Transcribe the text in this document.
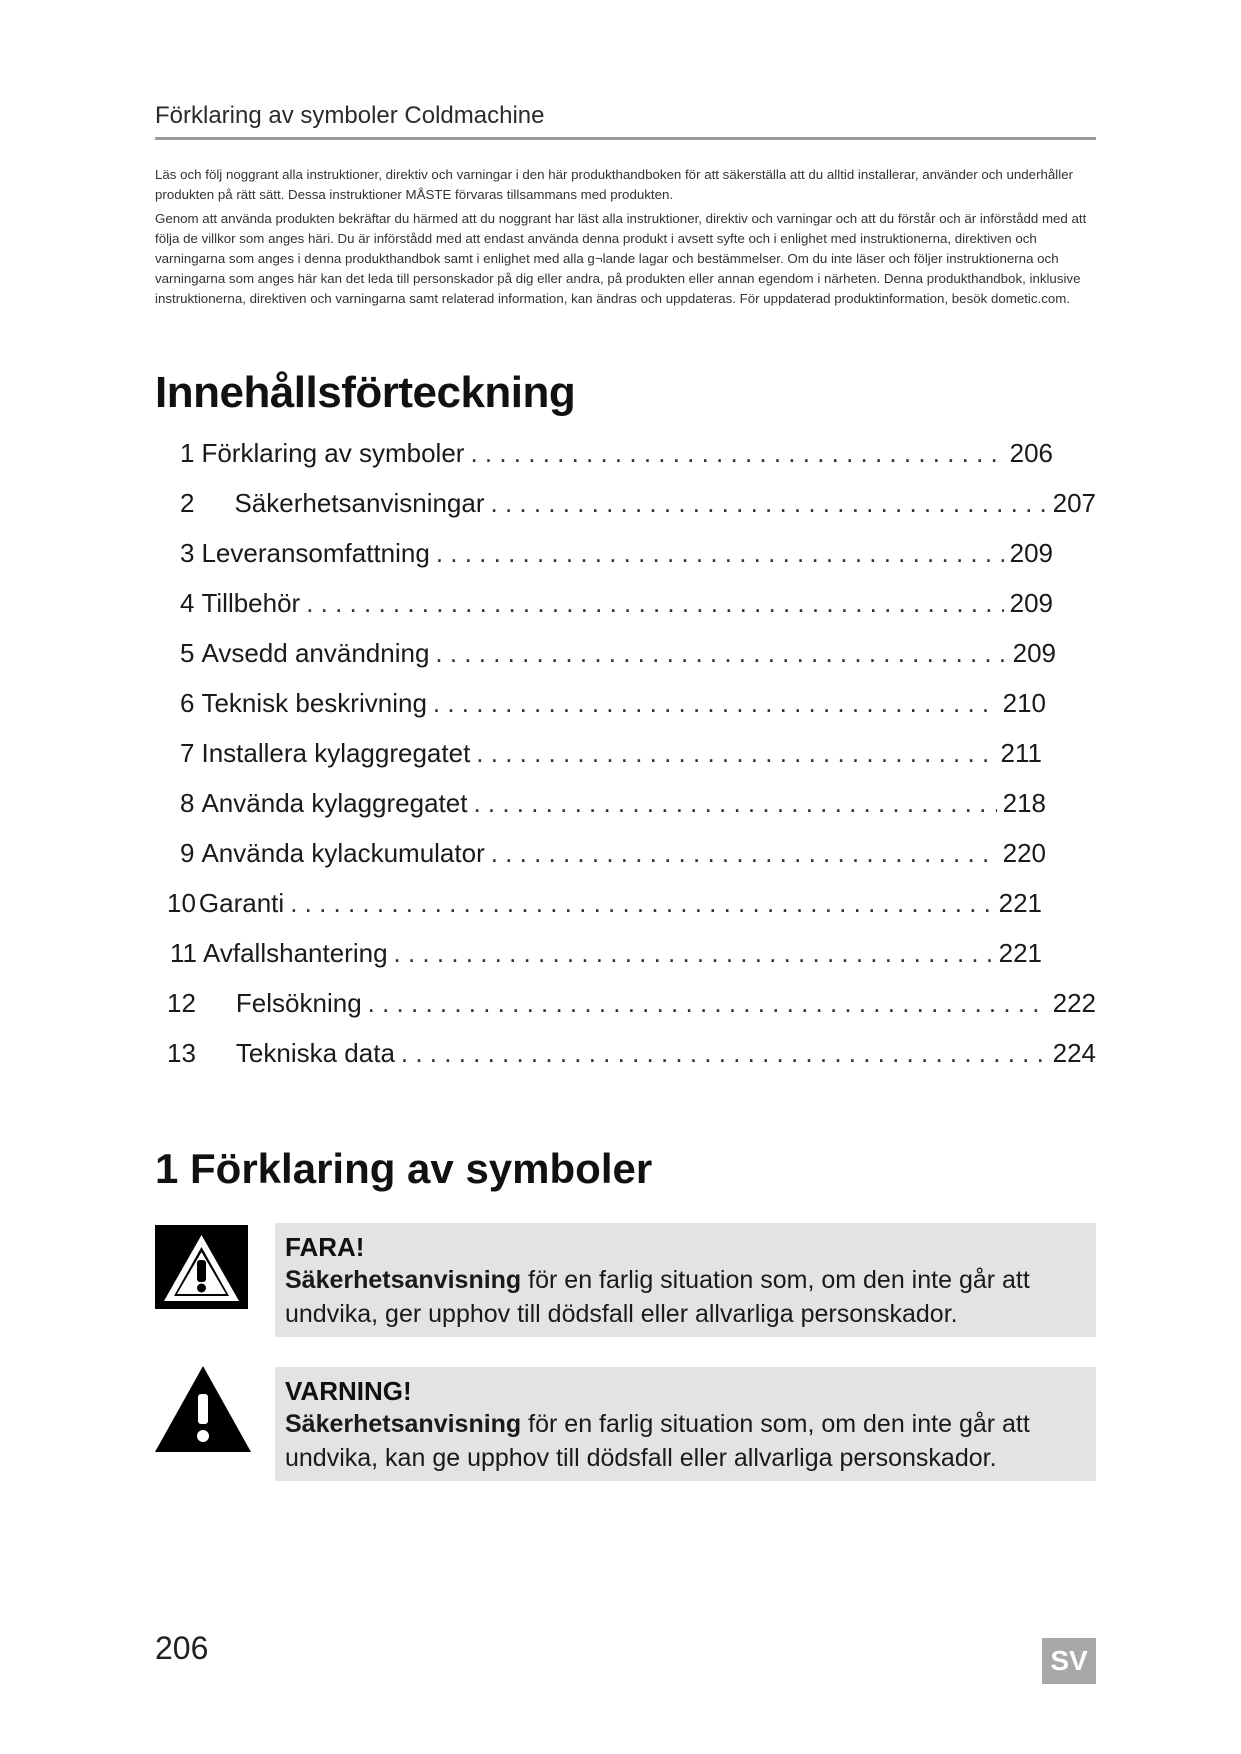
Förklaring av symboler Coldmachine

Läs och följ noggrant alla instruktioner, direktiv och varningar i den här produkthandboken för att säkerställa att du alltid installerar, använder och underhåller produkten på rätt sätt. Dessa instruktioner MÅSTE förvaras tillsammans med produkten.

Genom att använda produkten bekräftar du härmed att du noggrant har läst alla instruktioner, direktiv och varningar och att du förstår och är införstådd med att följa de villkor som anges häri. Du är införstådd med att endast använda denna produkt i avsett syfte och i enlighet med instruktionerna, direktiven och varningarna som anges i denna produkthandbok samt i enlighet med alla g¬lande lagar och bestämmelser. Om du inte läser och följer instruktionerna och varningarna som anges här kan det leda till personskador på dig eller andra, på produkten eller annan egendom i närheten. Denna produkthandbok, inklusive instruktionerna, direktiven och varningarna samt relaterad information, kan ändras och uppdateras. För uppdaterad produktinformation, besök dometic.com.

Innehållsförteckning
1 Förklaring av symboler . . .	206
2 Säkerhetsanvisningar . . .	207
3 Leveransomfattning . . .	209
4 Tillbehör . . .	209
5 Avsedd användning . . .	209
6 Teknisk beskrivning . . .	210
7 Installera kylaggregatet . . .	211
8 Använda kylaggregatet . . .	218
9 Använda kylackumulator . . .	220
10 Garanti . . .	221
11 Avfallshantering . . .	221
12 Felsökning . . .	222
13 Tekniska data . . .	224
1 Förklaring av symboler
FARA!
Säkerhetsanvisning för en farlig situation som, om den inte går att undvika, ger upphov till dödsfall eller allvarliga personskador.
VARNING!
Säkerhetsanvisning för en farlig situation som, om den inte går att undvika, kan ge upphov till dödsfall eller allvarliga personskador.
206	SV
